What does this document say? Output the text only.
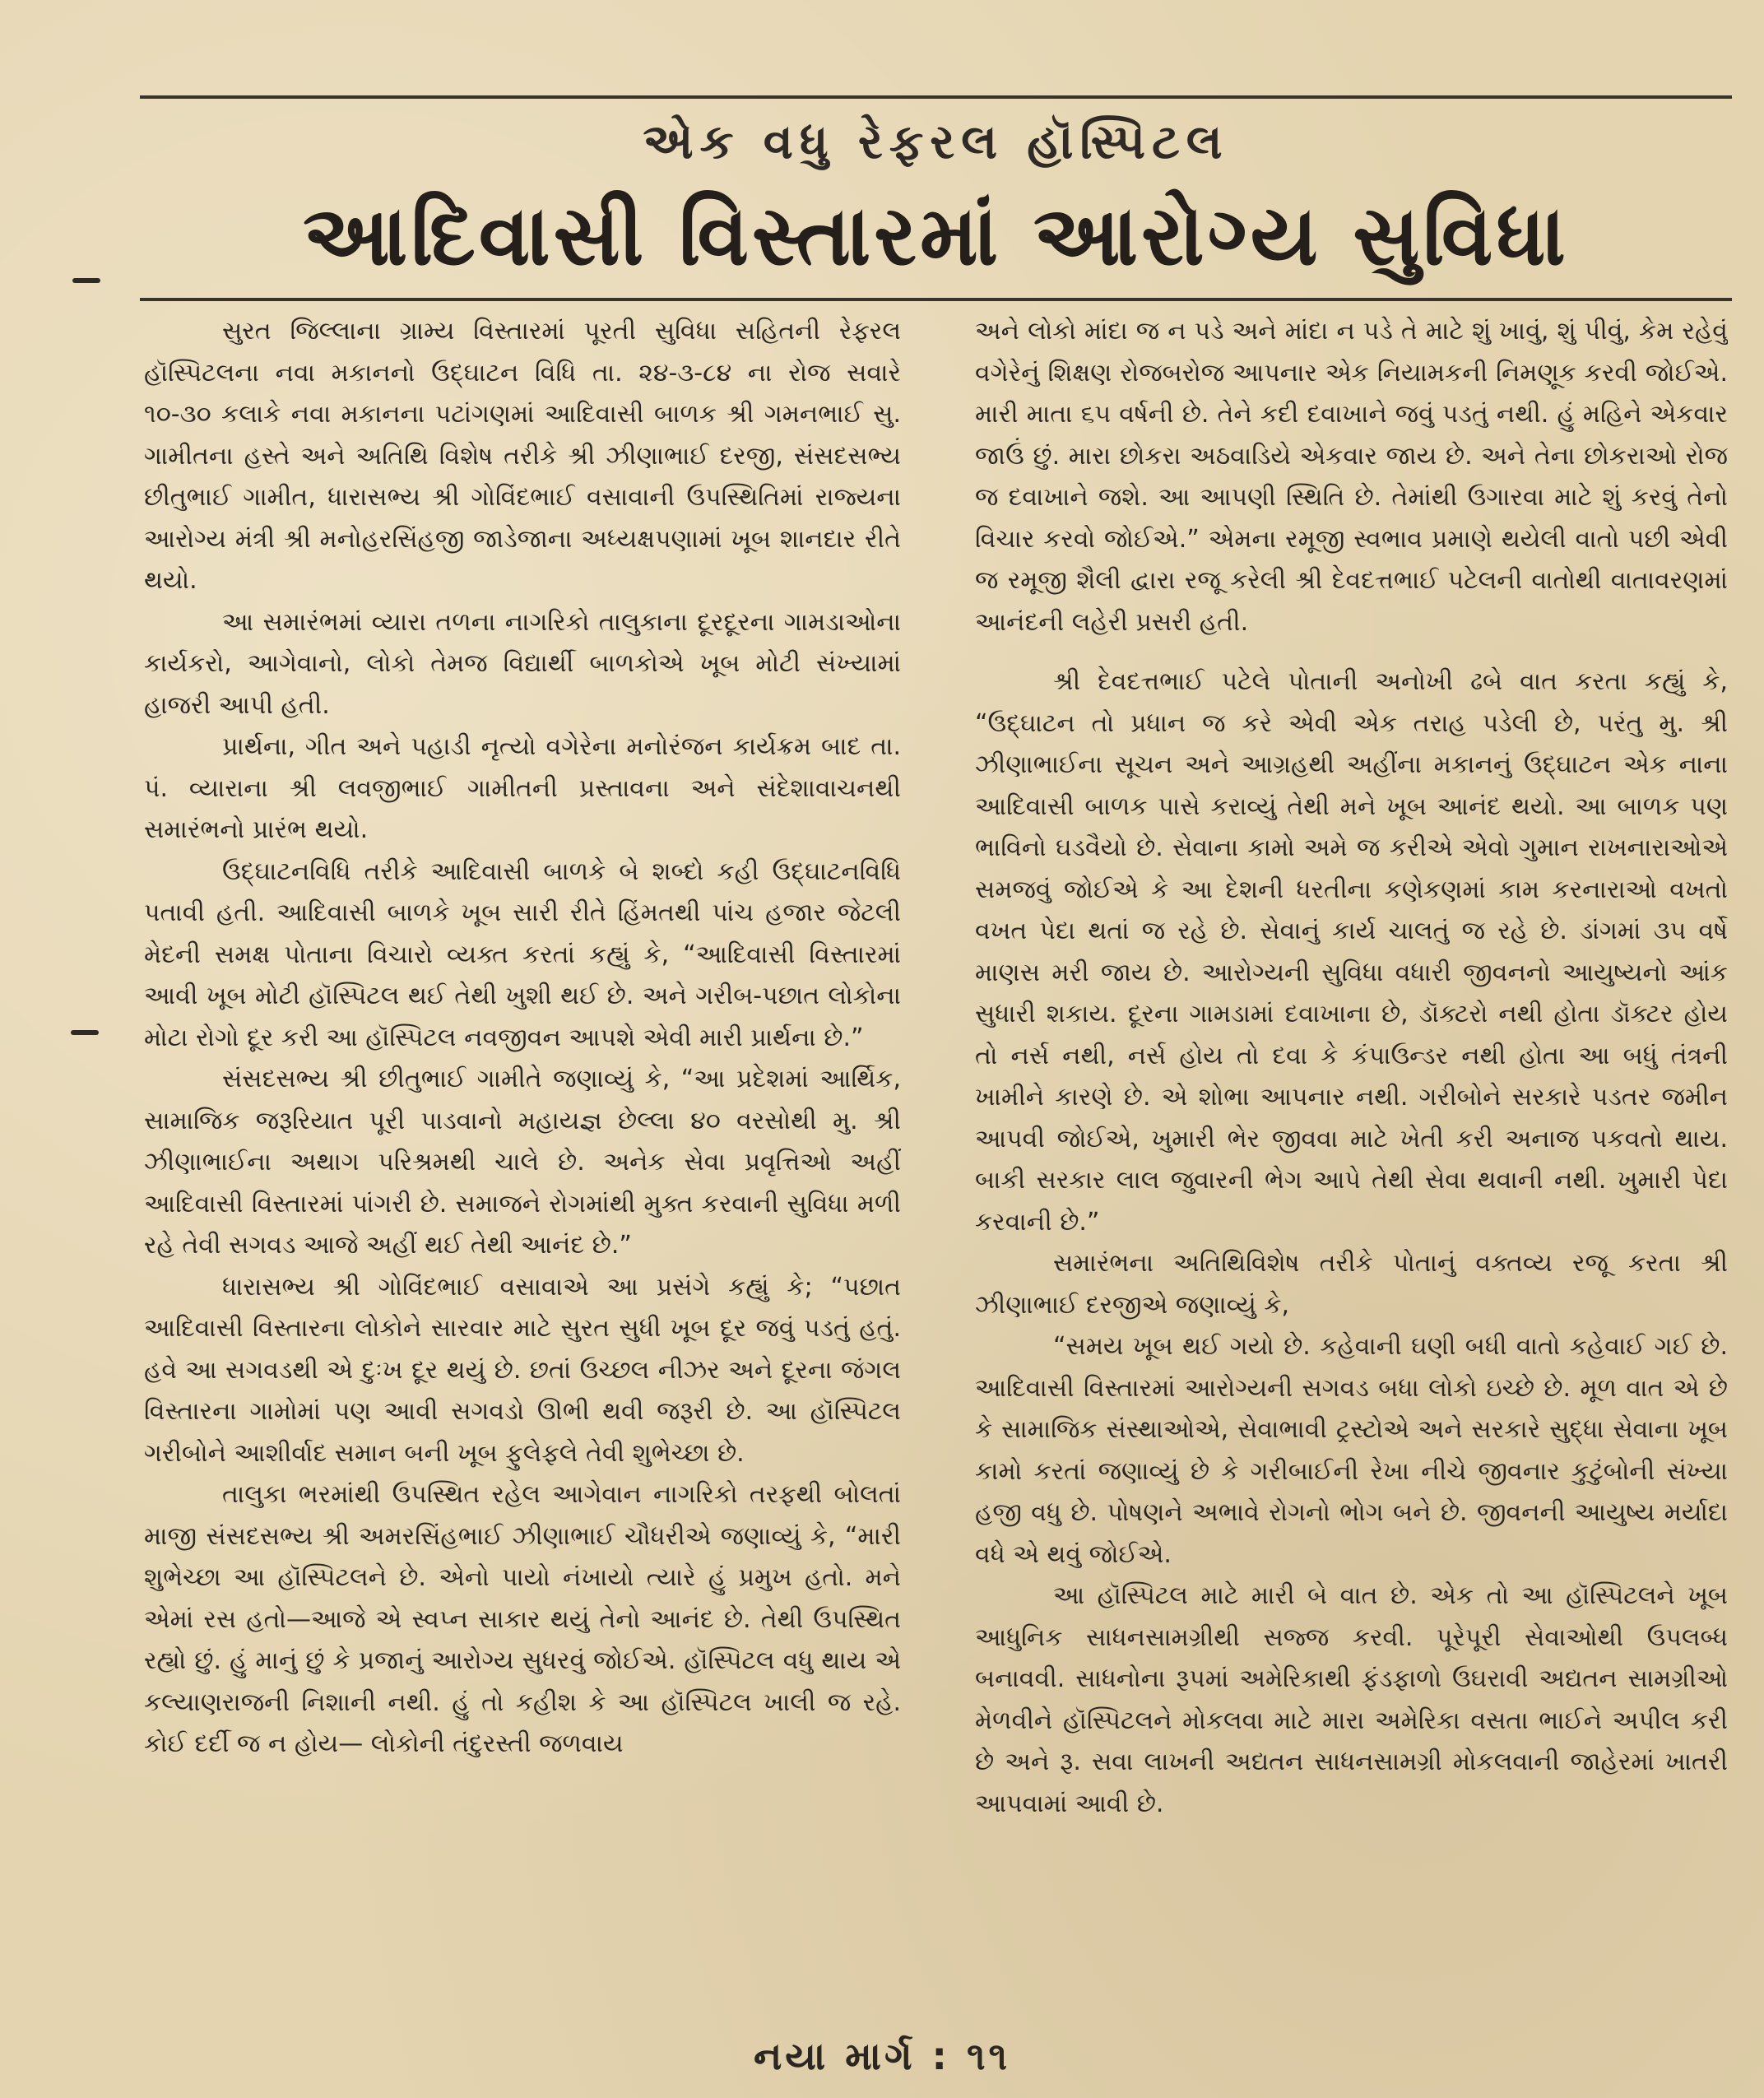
એક વધુ રેફરલ હૉસ્પિટલ
આદિવાસી વિસ્તારમાં આરોગ્ય સુવિધા

સુરત જિલ્લાના ગ્રામ્ય વિસ્તારમાં પૂરતી સુવિધા સહિતની રેફરલ હૉસ્પિટલના નવા મકાનનો ઉદ્ઘાટન વિધિ તા. ૨૪-૩-૮૪ ના રોજ સવારે ૧૦-૩૦ કલાકે નવા મકાનના પટાંગણમાં આદિવાસી બાળક શ્રી ગમનભાઈ સુ. ગામીતના હસ્તે અને અતિથિ વિશેષ તરીકે શ્રી ઝીણાભાઈ દરજી, સંસદસભ્ય છીતુભાઈ ગામીત, ધારાસભ્ય શ્રી ગોવિંદભાઈ વસાવાની ઉપસ્થિતિમાં રાજ્યના આરોગ્ય મંત્રી શ્રી મનોહરસિંહજી જાડેજાના અધ્યક્ષપણામાં ખૂબ શાનદાર રીતે થયો.

આ સમારંભમાં વ્યારા તળના નાગરિકો તાલુકાના દૂરદૂરના ગામડાઓના કાર્યકરો, આગેવાનો, લોકો તેમજ વિદ્યાર્થી બાળકોએ ખૂબ મોટી સંખ્યામાં હાજરી આપી હતી.

પ્રાર્થના, ગીત અને પહાડી નૃત્યો વગેરેના મનોરંજન કાર્યક્રમ બાદ તા. પં. વ્યારાના શ્રી લવજીભાઈ ગામીતની પ્રસ્તાવના અને સંદેશાવાચનથી સમારંભનો પ્રારંભ થયો.

ઉદ્ઘાટનવિધિ તરીકે આદિવાસી બાળકે બે શબ્દો કહી ઉદ્ઘાટનવિધિ પતાવી હતી. આદિવાસી બાળકે ખૂબ સારી રીતે હિંમતથી પાંચ હજાર જેટલી મેદની સમક્ષ પોતાના વિચારો વ્યક્ત કરતાં કહ્યું કે, “આદિવાસી વિસ્તારમાં આવી ખૂબ મોટી હૉસ્પિટલ થઈ તેથી ખુશી થઈ છે. અને ગરીબ-પછાત લોકોના મોટા રોગો દૂર કરી આ હૉસ્પિટલ નવજીવન આપશે એવી મારી પ્રાર્થના છે.”

સંસદસભ્ય શ્રી છીતુભાઈ ગામીતે જણાવ્યું કે, “આ પ્રદેશમાં આર્થિક, સામાજિક જરૂરિયાત પૂરી પાડવાનો મહાયજ્ઞ છેલ્લા ૪૦ વરસોથી મુ. શ્રી ઝીણાભાઈના અથાગ પરિશ્રમથી ચાલે છે. અનેક સેવા પ્રવૃત્તિઓ અહીં આદિવાસી વિસ્તારમાં પાંગરી છે. સમાજને રોગમાંથી મુક્ત કરવાની સુવિધા મળી રહે તેવી સગવડ આજે અહીં થઈ તેથી આનંદ છે.”

ધારાસભ્ય શ્રી ગોવિંદભાઈ વસાવાએ આ પ્રસંગે કહ્યું કે; “પછાત આદિવાસી વિસ્તારના લોકોને સારવાર માટે સુરત સુધી ખૂબ દૂર જવું પડતું હતું. હવે આ સગવડથી એ દુઃખ દૂર થયું છે. છતાં ઉચ્છલ નીઝર અને દૂરના જંગલ વિસ્તારના ગામોમાં પણ આવી સગવડો ઊભી થવી જરૂરી છે. આ હૉસ્પિટલ ગરીબોને આશીર્વાદ સમાન બની ખૂબ ફુલેફલે તેવી શુભેચ્છા છે.

તાલુકા ભરમાંથી ઉપસ્થિત રહેલ આગેવાન નાગરિકો તરફથી બોલતાં માજી સંસદસભ્ય શ્રી અમરસિંહભાઈ ઝીણાભાઈ ચૌધરીએ જણાવ્યું કે, “મારી શુભેચ્છા આ હૉસ્પિટલને છે. એનો પાયો નંખાયો ત્યારે હું પ્રમુખ હતો. મને એમાં રસ હતો—આજે એ સ્વપ્ન સાકાર થયું તેનો આનંદ છે. તેથી ઉપસ્થિત રહ્યો છું. હું માનું છું કે પ્રજાનું આરોગ્ય સુધરવું જોઈએ. હૉસ્પિટલ વધુ થાય એ કલ્યાણરાજની નિશાની નથી. હું તો કહીશ કે આ હૉસ્પિટલ ખાલી જ રહે. કોઈ દર્દી જ ન હોય— લોકોની તંદુરસ્તી જળવાય

અને લોકો માંદા જ ન પડે અને માંદા ન પડે તે માટે શું ખાવું, શું પીવું, કેમ રહેવું વગેરેનું શિક્ષણ રોજબરોજ આપનાર એક નિયામકની નિમણૂક કરવી જોઈએ. મારી માતા ૬૫ વર્ષની છે. તેને કદી દવાખાને જવું પડતું નથી. હું મહિને એકવાર જાઉં છું. મારા છોકરા અઠવાડિયે એકવાર જાય છે. અને તેના છોકરાઓ રોજ જ દવાખાને જશે. આ આપણી સ્થિતિ છે. તેમાંથી ઉગારવા માટે શું કરવું તેનો વિચાર કરવો જોઈએ.” એમના રમૂજી સ્વભાવ પ્રમાણે થયેલી વાતો પછી એવી જ રમૂજી શૈલી દ્વારા રજૂ કરેલી શ્રી દેવદત્તભાઈ પટેલની વાતોથી વાતાવરણમાં આનંદની લહેરી પ્રસરી હતી.

શ્રી દેવદત્તભાઈ પટેલે પોતાની અનોખી ઢબે વાત કરતા કહ્યું કે, “ઉદ્ઘાટન તો પ્રધાન જ કરે એવી એક તરાહ પડેલી છે, પરંતુ મુ. શ્રી ઝીણાભાઈના સૂચન અને આગ્રહથી અહીંના મકાનનું ઉદ્ઘાટન એક નાના આદિવાસી બાળક પાસે કરાવ્યું તેથી મને ખૂબ આનંદ થયો. આ બાળક પણ ભાવિનો ઘડવૈયો છે. સેવાના કામો અમે જ કરીએ એવો ગુમાન રાખનારાઓએ સમજવું જોઈએ કે આ દેશની ધરતીના કણેકણમાં કામ કરનારાઓ વખતો વખત પેદા થતાં જ રહે છે. સેવાનું કાર્ય ચાલતું જ રહે છે. ડાંગમાં ૩૫ વર્ષે માણસ મરી જાય છે. આરોગ્યની સુવિધા વધારી જીવનનો આયુષ્યનો આંક સુધારી શકાય. દૂરના ગામડામાં દવાખાના છે, ડૉક્ટરો નથી હોતા ડૉક્ટર હોય તો નર્સ નથી, નર્સ હોય તો દવા કે કંપાઉન્ડર નથી હોતા આ બધું તંત્રની ખામીને કારણે છે. એ શોભા આપનાર નથી. ગરીબોને સરકારે પડતર જમીન આપવી જોઈએ, ખુમારી ભેર જીવવા માટે ખેતી કરી અનાજ પકવતો થાય. બાકી સરકાર લાલ જુવારની ભેગ આપે તેથી સેવા થવાની નથી. ખુમારી પેદા કરવાની છે.”

સમારંભના અતિથિવિશેષ તરીકે પોતાનું વક્તવ્ય રજૂ કરતા શ્રી ઝીણાભાઈ દરજીએ જણાવ્યું કે,

“સમય ખૂબ થઈ ગયો છે. કહેવાની ઘણી બધી વાતો કહેવાઈ ગઈ છે. આદિવાસી વિસ્તારમાં આરોગ્યની સગવડ બધા લોકો ઇચ્છે છે. મૂળ વાત એ છે કે સામાજિક સંસ્થાઓએ, સેવાભાવી ટ્રસ્ટોએ અને સરકારે સુદ્ધા સેવાના ખૂબ કામો કરતાં જણાવ્યું છે કે ગરીબાઈની રેખા નીચે જીવનાર કુટુંબોની સંખ્યા હજી વધુ છે. પોષણને અભાવે રોગનો ભોગ બને છે. જીવનની આયુષ્ય મર્યાદા વધે એ થવું જોઈએ.

આ હૉસ્પિટલ માટે મારી બે વાત છે. એક તો આ હૉસ્પિટલને ખૂબ આધુનિક સાધનસામગ્રીથી સજ્જ કરવી. પૂરેપૂરી સેવાઓથી ઉપલબ્ધ બનાવવી. સાધનોના રૂપમાં અમેરિકાથી ફંડફાળો ઉઘરાવી અદ્યતન સામગ્રીઓ મેળવીને હૉસ્પિટલને મોકલવા માટે મારા અમેરિકા વસતા ભાઈને અપીલ કરી છે અને રૂ. સવા લાખની અદ્યતન સાધનસામગ્રી મોકલવાની જાહેરમાં ખાતરી આપવામાં આવી છે.

નયા માર્ગ : ૧૧
